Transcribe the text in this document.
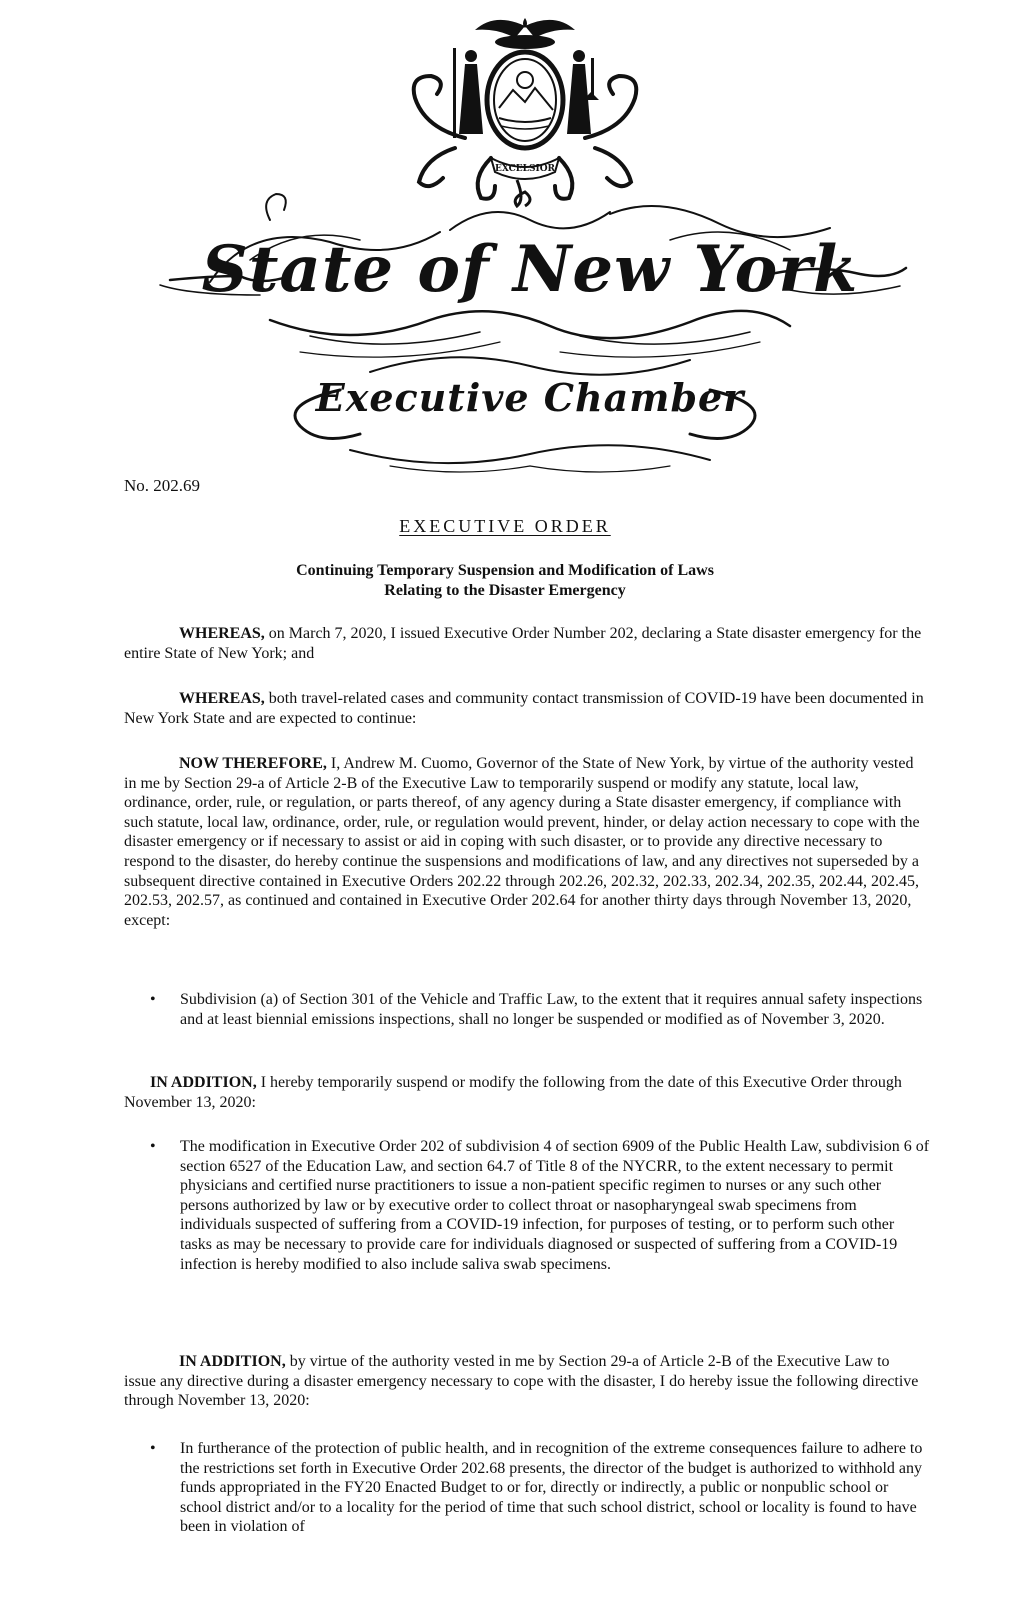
EXCELSIOR
State of New York
Executive Chamber
No. 202.69
EXECUTIVE ORDER
Continuing Temporary Suspension and Modification of Laws
Relating to the Disaster Emergency

WHEREAS, on March 7, 2020, I issued Executive Order Number 202, declaring a State disaster emergency for the entire State of New York; and

WHEREAS, both travel-related cases and community contact transmission of COVID-19 have been documented in New York State and are expected to continue:

NOW THEREFORE, I, Andrew M. Cuomo, Governor of the State of New York, by virtue of the authority vested in me by Section 29-a of Article 2-B of the Executive Law to temporarily suspend or modify any statute, local law, ordinance, order, rule, or regulation, or parts thereof, of any agency during a State disaster emergency, if compliance with such statute, local law, ordinance, order, rule, or regulation would prevent, hinder, or delay action necessary to cope with the disaster emergency or if necessary to assist or aid in coping with such disaster, or to provide any directive necessary to respond to the disaster, do hereby continue the suspensions and modifications of law, and any directives not superseded by a subsequent directive contained in Executive Orders 202.22 through 202.26, 202.32, 202.33, 202.34, 202.35, 202.44, 202.45, 202.53, 202.57, as continued and contained in Executive Order 202.64 for another thirty days through November 13, 2020, except:

•	Subdivision (a) of Section 301 of the Vehicle and Traffic Law, to the extent that it requires annual safety inspections and at least biennial emissions inspections, shall no longer be suspended or modified as of November 3, 2020.

IN ADDITION, I hereby temporarily suspend or modify the following from the date of this Executive Order through November 13, 2020:

•	The modification in Executive Order 202 of subdivision 4 of section 6909 of the Public Health Law, subdivision 6 of section 6527 of the Education Law, and section 64.7 of Title 8 of the NYCRR, to the extent necessary to permit physicians and certified nurse practitioners to issue a non-patient specific regimen to nurses or any such other persons authorized by law or by executive order to collect throat or nasopharyngeal swab specimens from individuals suspected of suffering from a COVID-19 infection, for purposes of testing, or to perform such other tasks as may be necessary to provide care for individuals diagnosed or suspected of suffering from a COVID-19 infection is hereby modified to also include saliva swab specimens.

IN ADDITION, by virtue of the authority vested in me by Section 29-a of Article 2-B of the Executive Law to issue any directive during a disaster emergency necessary to cope with the disaster, I do hereby issue the following directive through November 13, 2020:

•	In furtherance of the protection of public health, and in recognition of the extreme consequences failure to adhere to the restrictions set forth in Executive Order 202.68 presents, the director of the budget is authorized to withhold any funds appropriated in the FY20 Enacted Budget to or for, directly or indirectly, a public or nonpublic school or school district and/or to a locality for the period of time that such school district, school or locality is found to have been in violation of
